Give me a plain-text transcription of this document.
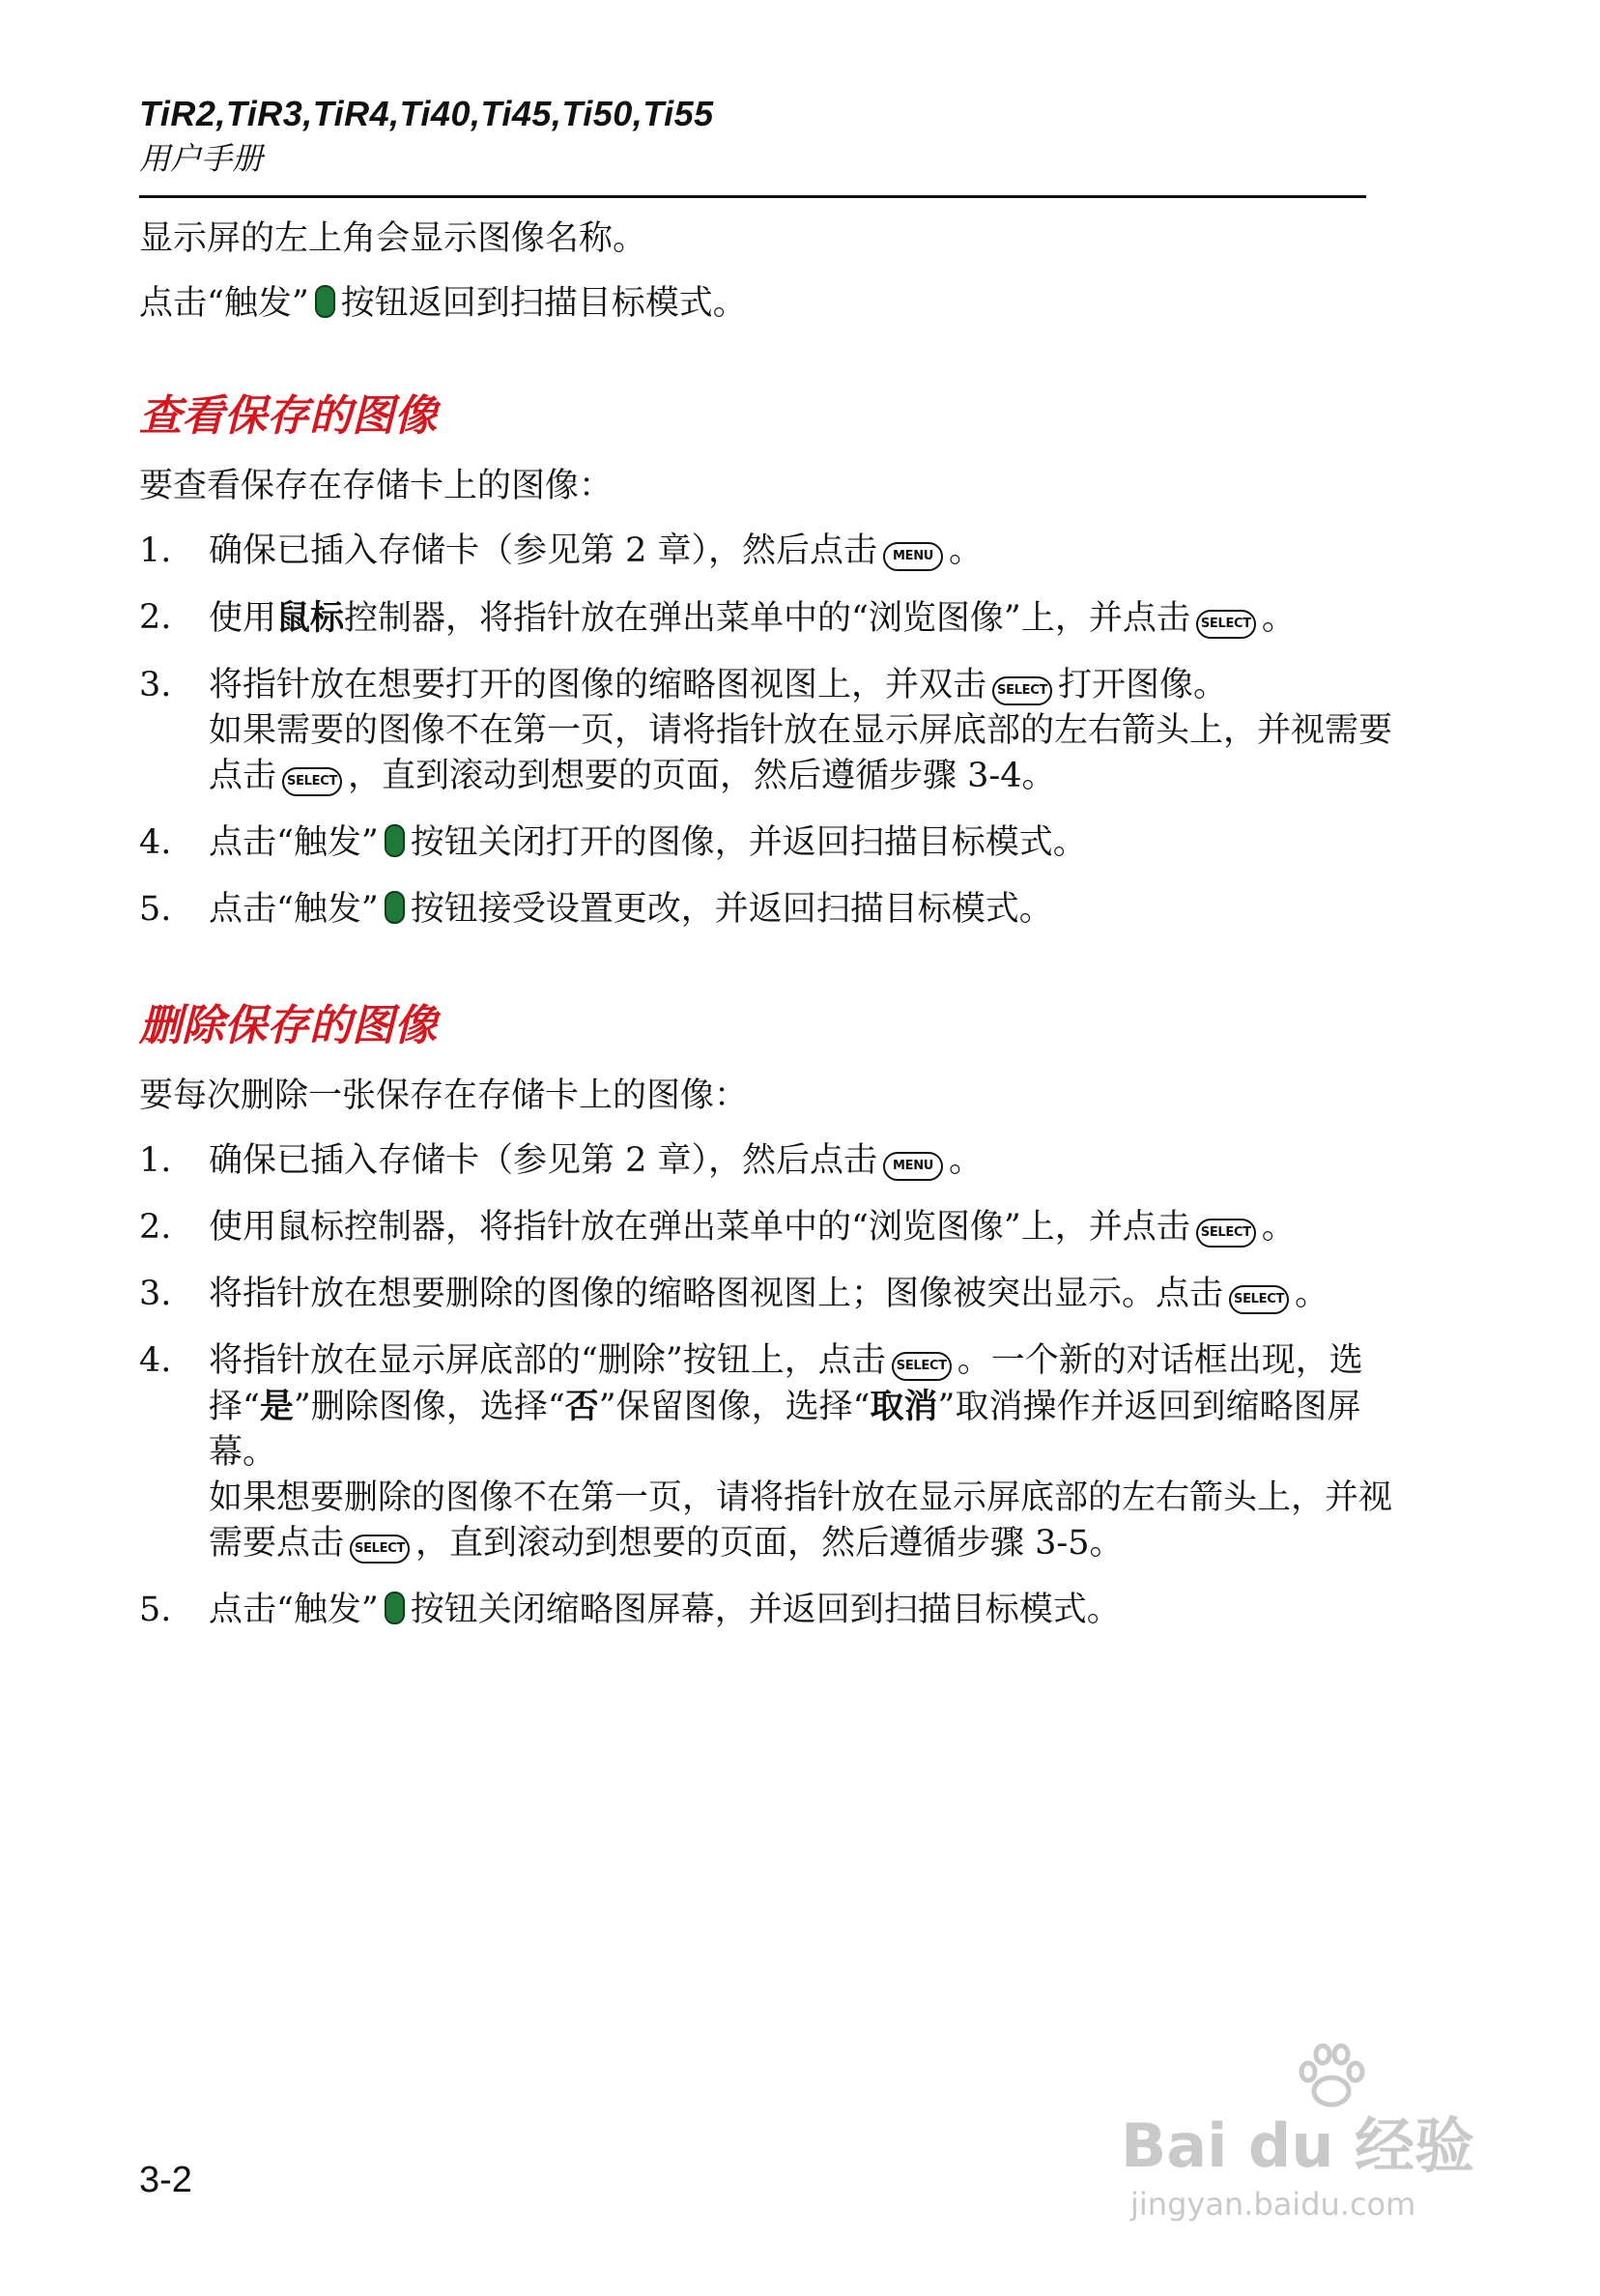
TiR2,TiR3,TiR4,Ti40,Ti45,Ti50,Ti55
用户手册

显示屏的左上角会显示图像名称。

点击“触发” 按钮返回到扫描目标模式。

查看保存的图像

要查看保存在存储卡上的图像：

1. 确保已插入存储卡（参见第 2 章），然后点击 MENU 。
2. 使用鼠标控制器，将指针放在弹出菜单中的“浏览图像”上，并点击 SELECT 。
3. 将指针放在想要打开的图像的缩略图视图上，并双击 SELECT 打开图像。
如果需要的图像不在第一页，请将指针放在显示屏底部的左右箭头上，并视需要点击 SELECT ，直到滚动到想要的页面，然后遵循步骤 3-4。
4. 点击“触发” 按钮关闭打开的图像，并返回扫描目标模式。
5. 点击“触发” 按钮接受设置更改，并返回扫描目标模式。
删除保存的图像

要每次删除一张保存在存储卡上的图像：

1. 确保已插入存储卡（参见第 2 章），然后点击 MENU 。
2. 使用鼠标控制器，将指针放在弹出菜单中的“浏览图像”上，并点击 SELECT 。
3. 将指针放在想要删除的图像的缩略图视图上；图像被突出显示。点击 SELECT 。
4. 将指针放在显示屏底部的“删除”按钮上，点击 SELECT 。一个新的对话框出现，选择“是”删除图像，选择“否”保留图像，选择“取消”取消操作并返回到缩略图屏幕。
如果想要删除的图像不在第一页，请将指针放在显示屏底部的左右箭头上，并视需要点击 SELECT ，直到滚动到想要的页面，然后遵循步骤 3-5。
5. 点击“触发” 按钮关闭缩略图屏幕，并返回到扫描目标模式。
3-2	Bai du 经验
jingyan.baidu.com
